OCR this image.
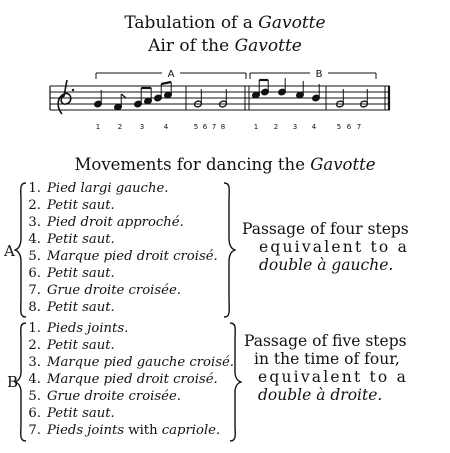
Tabulation of a Gavotte
Air of the Gavotte
A	B
1	2	3	4	5 6 7 8	1 2 3 4	5 6 7
Movements for dancing the Gavotte
A
1. Pied largi gauche.
2. Petit saut.
3. Pied droit approché.
4. Petit saut.
5. Marque pied droit croisé.
6. Petit saut.
7. Grue droite croisée.
8. Petit saut.
Passage of four steps
equivalent to a
double à gauche.
B
1. Pieds joints.
2. Petit saut.
3. Marque pied gauche croisé.
4. Marque pied droit croisé.
5. Grue droite croisée.
6. Petit saut.
7. Pieds joints with capriole.
Passage of five steps
in the time of four,
equivalent to a
double à droite.
